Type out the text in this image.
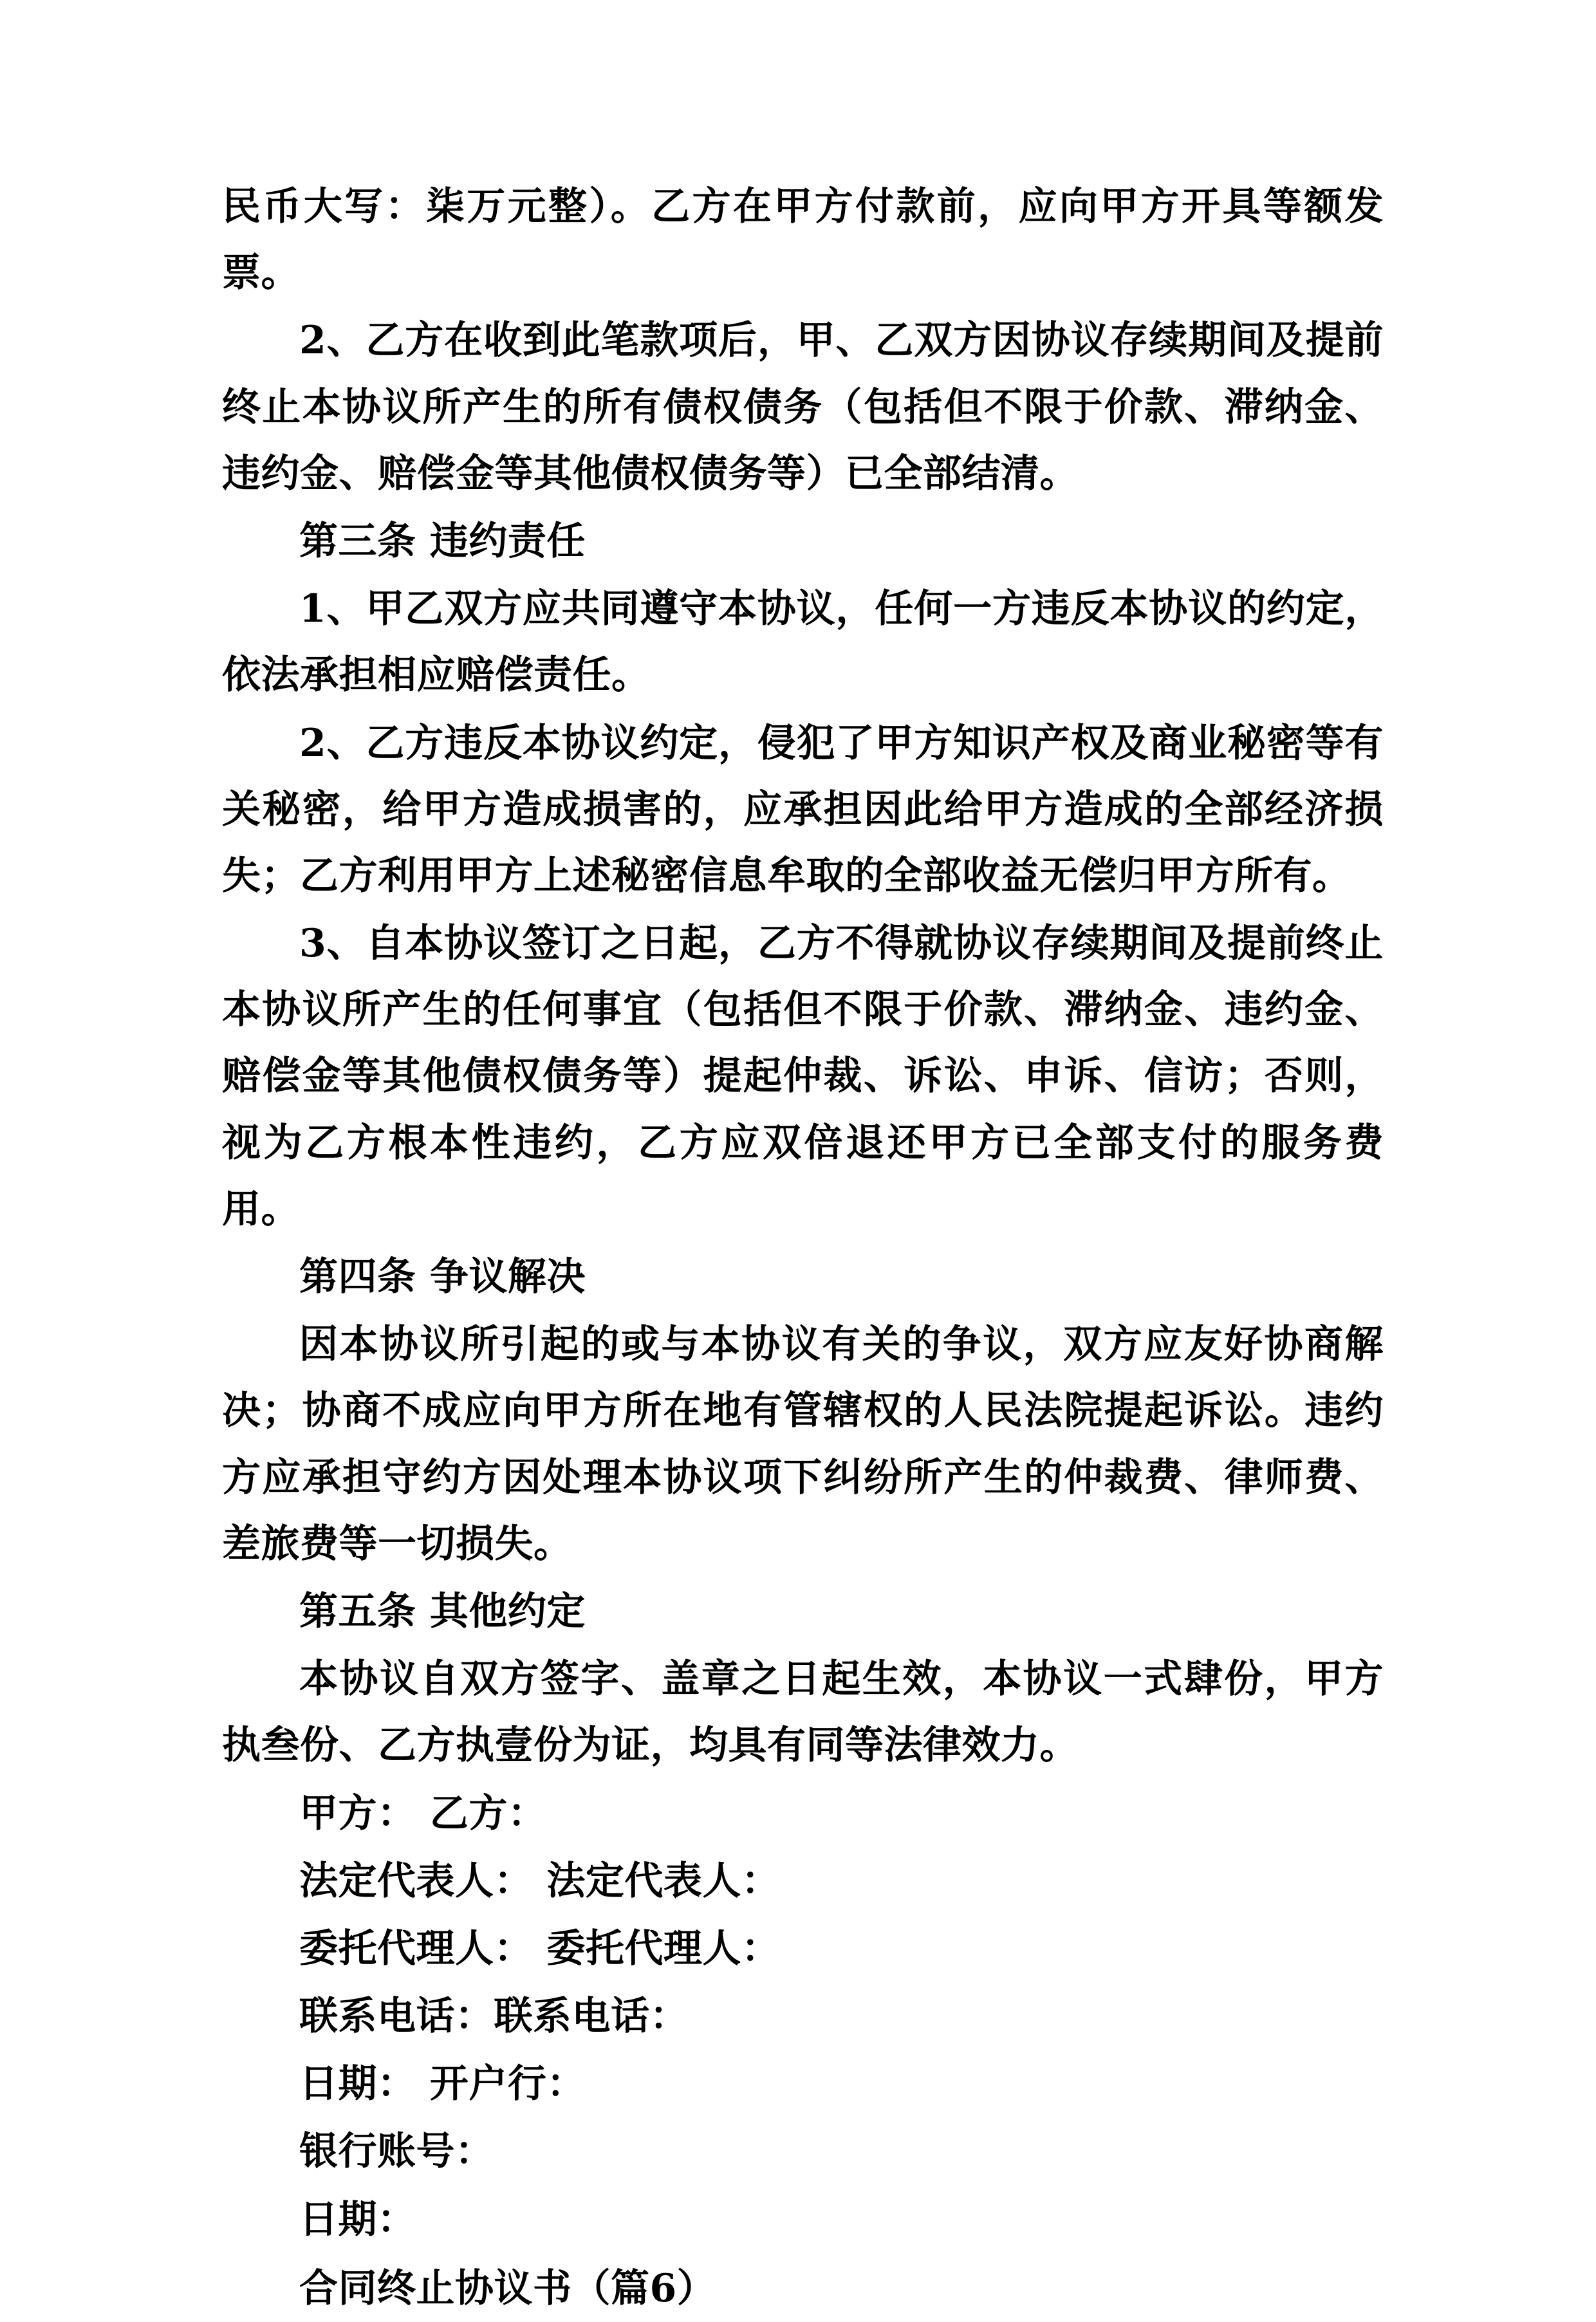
民币大写：柒万元整）。乙方在甲方付款前，应向甲方开具等额发票。

2、乙方在收到此笔款项后，甲、乙双方因协议存续期间及提前终止本协议所产生的所有债权债务（包括但不限于价款、滞纳金、违约金、赔偿金等其他债权债务等）已全部结清。

第三条 违约责任

1、甲乙双方应共同遵守本协议，任何一方违反本协议的约定，依法承担相应赔偿责任。

2、乙方违反本协议约定，侵犯了甲方知识产权及商业秘密等有关秘密，给甲方造成损害的，应承担因此给甲方造成的全部经济损失；乙方利用甲方上述秘密信息牟取的全部收益无偿归甲方所有。

3、自本协议签订之日起，乙方不得就协议存续期间及提前终止本协议所产生的任何事宜（包括但不限于价款、滞纳金、违约金、赔偿金等其他债权债务等）提起仲裁、诉讼、申诉、信访；否则，视为乙方根本性违约，乙方应双倍退还甲方已全部支付的服务费用。

第四条 争议解决

因本协议所引起的或与本协议有关的争议，双方应友好协商解决；协商不成应向甲方所在地有管辖权的人民法院提起诉讼。违约方应承担守约方因处理本协议项下纠纷所产生的仲裁费、律师费、差旅费等一切损失。

第五条 其他约定

本协议自双方签字、盖章之日起生效，本协议一式肆份，甲方执叁份、乙方执壹份为证，均具有同等法律效力。

甲方： 乙方：

法定代表人： 法定代表人：

委托代理人： 委托代理人：

联系电话：联系电话：

日期： 开户行：

银行账号：

日期：

合同终止协议书（篇6）
